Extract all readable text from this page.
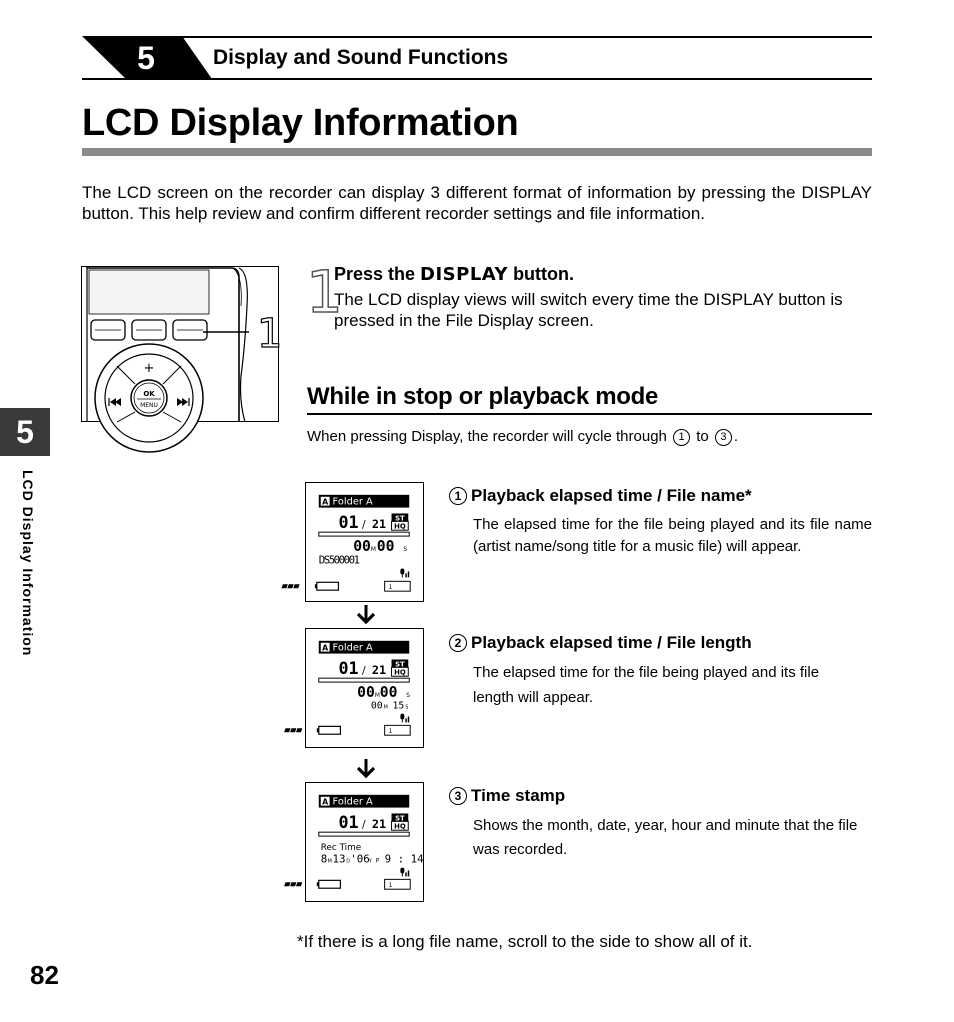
5	Display and Sound Functions
LCD Display Information
The LCD screen on the recorder can display 3 different format of information by pressing the DISPLAY button. This help review and confirm different recorder settings and file information.
5
LCD Display Information
82
+
OK
MENU
1
1
Press the DISPLAY button.
The LCD display views will switch every time the DISPLAY button is pressed in the File Display screen.
While in stop or playback mode
When pressing Display, the recorder will cycle through 1 to 3 .
A Folder A
01 / 21 ST
HQ
00 M 00 S
DS500001
1
A Folder A
01 / 21 ST
HQ
00 M 00 S
00 M 15 S
1
A Folder A
01 / 21 ST
HQ
Rec Time
8 M 13 D '06 Y P 9 : 14
1
1 Playback elapsed time / File name*
The elapsed time for the file being played and its file name (artist name/song title for a music file) will appear.
2 Playback elapsed time / File length
The elapsed time for the file being played and its file length will appear.
3 Time stamp
Shows the month, date, year, hour and minute that the file was recorded.
*If there is a long file name, scroll to the side to show all of it.
